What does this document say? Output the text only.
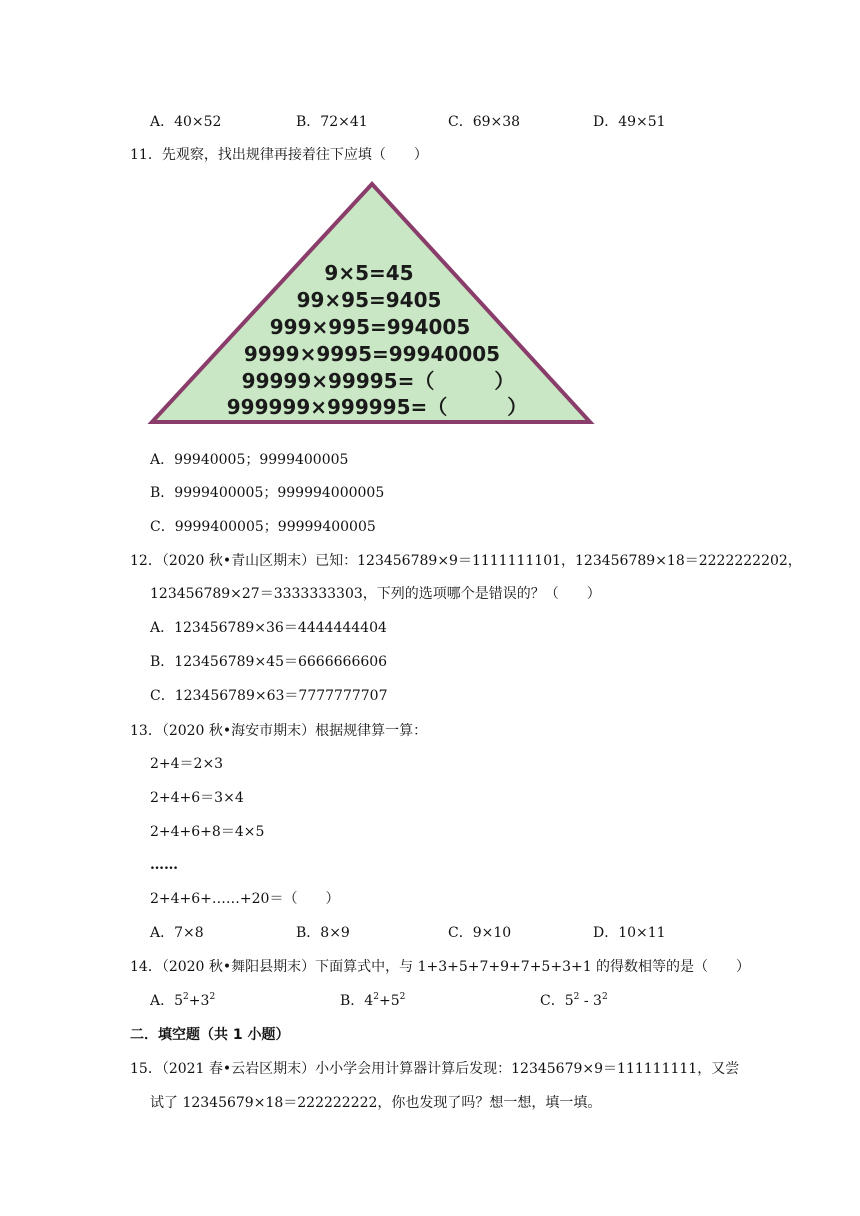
A．40×52	B．72×41	C．69×38	D．49×51
11．先观察，找出规律再接着往下应填（　　）
9×5=45
99×95=9405
999×995=994005
9999×9995=99940005
99999×99995=（　　　）
999999×999995=（　　　）
A．99940005；9999400005
B．9999400005；999994000005
C．9999400005；99999400005
12．（2020 秋•青山区期末）已知：123456789×9＝1111111101，123456789×18＝2222222202，
123456789×27＝3333333303，下列的选项哪个是错误的？（　　）
A．123456789×36＝4444444404
B．123456789×45＝6666666606
C．123456789×63＝7777777707
13．（2020 秋•海安市期末）根据规律算一算：
2+4＝2×3
2+4+6＝3×4
2+4+6+8＝4×5
……
2+4+6+……+20＝（　　）
A．7×8	B．8×9	C．9×10	D．10×11
14．（2020 秋•舞阳县期末）下面算式中，与 1+3+5+7+9+7+5+3+1 的得数相等的是（　　）
A．$5^2+3^2$	B．$4^2+5^2$	C．$5^2 - 3^2$
二．填空题（共 1 小题）
15．（2021 春•云岩区期末）小小学会用计算器计算后发现：12345679×9＝111111111，又尝
试了 12345679×18＝222222222，你也发现了吗？想一想，填一填。
